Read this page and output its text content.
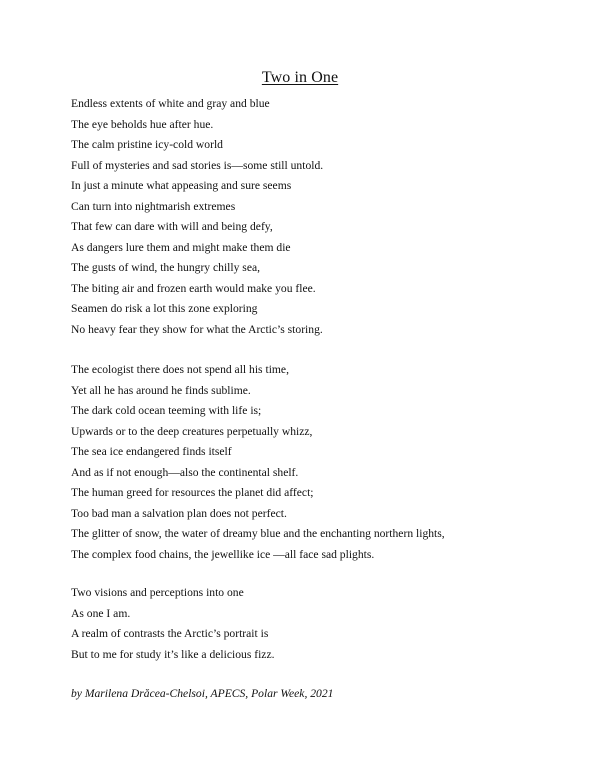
Two in One
Endless extents of white and gray and blue
The eye beholds hue after hue.
The calm pristine icy-cold world
Full of mysteries and sad stories is—some still untold.
In just a minute what appeasing and sure seems
Can turn into nightmarish extremes
That few can dare with will and being defy,
As dangers lure them and might make them die
The gusts of wind, the hungry chilly sea,
The biting air and frozen earth would make you flee.
Seamen do risk a lot this zone exploring
No heavy fear they show for what the Arctic’s storing.
The ecologist there does not spend all his time,
Yet all he has around he finds sublime.
The dark cold ocean teeming with life is;
Upwards or to the deep creatures perpetually whizz,
The sea ice endangered finds itself
And as if not enough—also the continental shelf.
The human greed for resources the planet did affect;
Too bad man a salvation plan does not perfect.
The glitter of snow, the water of dreamy blue and the enchanting northern lights,
The complex food chains, the jewellike ice —all face sad plights.
Two visions and perceptions into one
As one I am.
A realm of contrasts the Arctic’s portrait is
But to me for study it’s like a delicious fizz.
by Marilena Drăcea-Chelsoi, APECS, Polar Week, 2021
